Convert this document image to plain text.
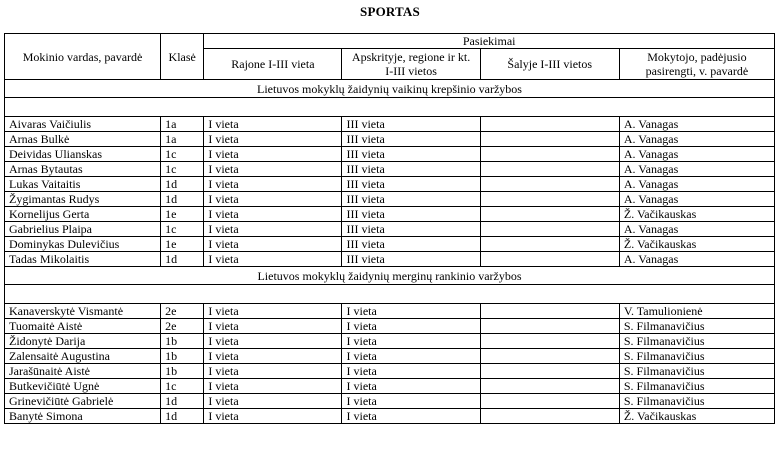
SPORTAS
Mokinio vardas, pavardė	Klasė	Pasiekimai			
		Rajone I-III vieta	Apskrityje, regione ir kt. I-III vietos	Šalyje I-III vietos	Mokytojo, padėjusio pasirengti, v. pavardė
Lietuvos mokyklų žaidynių vaikinų krepšinio varžybos					

Aivaras Vaičiulis	1a	I vieta	III vieta		A. Vanagas
Arnas Bulkė	1a	I vieta	III vieta		A. Vanagas
Deividas Ulianskas	1c	I vieta	III vieta		A. Vanagas
Arnas Bytautas	1c	I vieta	III vieta		A. Vanagas
Lukas Vaitaitis	1d	I vieta	III vieta		A. Vanagas
Žygimantas Rudys	1d	I vieta	III vieta		A. Vanagas
Kornelijus Gerta	1e	I vieta	III vieta		Ž. Vačikauskas
Gabrielius Plaipa	1c	I vieta	III vieta		A. Vanagas
Dominykas Dulevičius	1e	I vieta	III vieta		Ž. Vačikauskas
Tadas Mikolaitis	1d	I vieta	III vieta		A. Vanagas
Lietuvos mokyklų žaidynių merginų rankinio varžybos					

Kanaverskytė Vismantė	2e	I vieta	I vieta		V. Tamulionienė
Tuomaitė Aistė	2e	I vieta	I vieta		S. Filmanavičius
Židonytė Darija	1b	I vieta	I vieta		S. Filmanavičius
Zalensaitė Augustina	1b	I vieta	I vieta		S. Filmanavičius
Jarašūnaitė Aistė	1b	I vieta	I vieta		S. Filmanavičius
Butkevičiūtė Ugnė	1c	I vieta	I vieta		S. Filmanavičius
Grinevičiūtė Gabrielė	1d	I vieta	I vieta		S. Filmanavičius
Banytė Simona	1d	I vieta	I vieta		Ž. Vačikauskas
